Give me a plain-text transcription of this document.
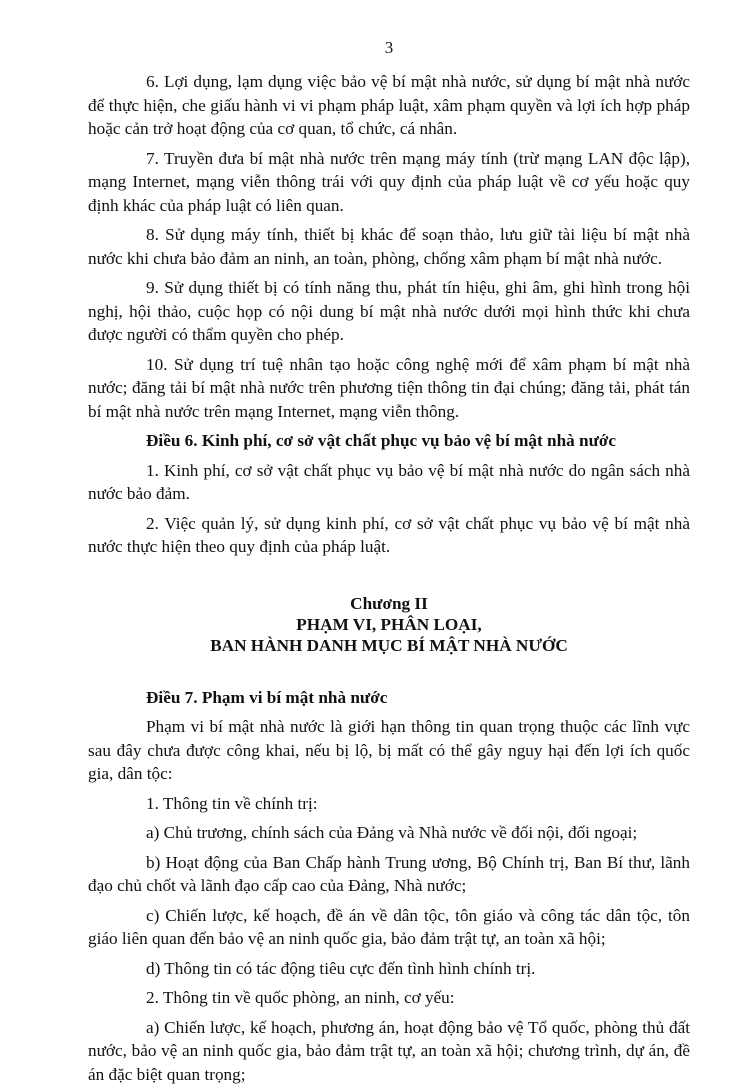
3

6. Lợi dụng, lạm dụng việc bảo vệ bí mật nhà nước, sử dụng bí mật nhà nước để thực hiện, che giấu hành vi vi phạm pháp luật, xâm phạm quyền và lợi ích hợp pháp hoặc cản trở hoạt động của cơ quan, tổ chức, cá nhân.

7. Truyền đưa bí mật nhà nước trên mạng máy tính (trừ mạng LAN độc lập), mạng Internet, mạng viễn thông trái với quy định của pháp luật về cơ yếu hoặc quy định khác của pháp luật có liên quan.

8. Sử dụng máy tính, thiết bị khác để soạn thảo, lưu giữ tài liệu bí mật nhà nước khi chưa bảo đảm an ninh, an toàn, phòng, chống xâm phạm bí mật nhà nước.

9. Sử dụng thiết bị có tính năng thu, phát tín hiệu, ghi âm, ghi hình trong hội nghị, hội thảo, cuộc họp có nội dung bí mật nhà nước dưới mọi hình thức khi chưa được người có thẩm quyền cho phép.

10. Sử dụng trí tuệ nhân tạo hoặc công nghệ mới để xâm phạm bí mật nhà nước; đăng tải bí mật nhà nước trên phương tiện thông tin đại chúng; đăng tải, phát tán bí mật nhà nước trên mạng Internet, mạng viễn thông.

Điều 6. Kinh phí, cơ sở vật chất phục vụ bảo vệ bí mật nhà nước

1. Kinh phí, cơ sở vật chất phục vụ bảo vệ bí mật nhà nước do ngân sách nhà nước bảo đảm.

2. Việc quản lý, sử dụng kinh phí, cơ sở vật chất phục vụ bảo vệ bí mật nhà nước thực hiện theo quy định của pháp luật.

Chương II
PHẠM VI, PHÂN LOẠI,
BAN HÀNH DANH MỤC BÍ MẬT NHÀ NƯỚC

Điều 7. Phạm vi bí mật nhà nước

Phạm vi bí mật nhà nước là giới hạn thông tin quan trọng thuộc các lĩnh vực sau đây chưa được công khai, nếu bị lộ, bị mất có thể gây nguy hại đến lợi ích quốc gia, dân tộc:

1. Thông tin về chính trị:

a) Chủ trương, chính sách của Đảng và Nhà nước về đối nội, đối ngoại;

b) Hoạt động của Ban Chấp hành Trung ương, Bộ Chính trị, Ban Bí thư, lãnh đạo chủ chốt và lãnh đạo cấp cao của Đảng, Nhà nước;

c) Chiến lược, kế hoạch, đề án về dân tộc, tôn giáo và công tác dân tộc, tôn giáo liên quan đến bảo vệ an ninh quốc gia, bảo đảm trật tự, an toàn xã hội;

d) Thông tin có tác động tiêu cực đến tình hình chính trị.

2. Thông tin về quốc phòng, an ninh, cơ yếu:

a) Chiến lược, kế hoạch, phương án, hoạt động bảo vệ Tổ quốc, phòng thủ đất nước, bảo vệ an ninh quốc gia, bảo đảm trật tự, an toàn xã hội; chương trình, dự án, đề án đặc biệt quan trọng;
